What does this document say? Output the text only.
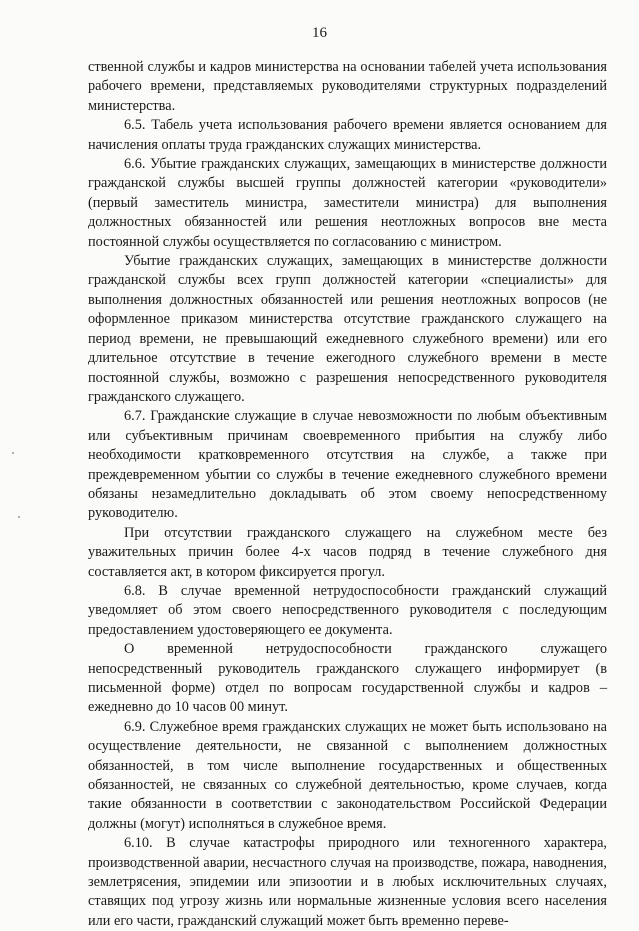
16

ственной службы и кадров министерства на основании табелей учета использования рабочего времени, представляемых руководителями структурных подразделений министерства.

6.5. Табель учета использования рабочего времени является основанием для начисления оплаты труда гражданских служащих министерства.

6.6. Убытие гражданских служащих, замещающих в министерстве должности гражданской службы высшей группы должностей категории «руководители» (первый заместитель министра, заместители министра) для выполнения должностных обязанностей или решения неотложных вопросов вне места постоянной службы осуществляется по согласованию с министром.

Убытие гражданских служащих, замещающих в министерстве должности гражданской службы всех групп должностей категории «специалисты» для выполнения должностных обязанностей или решения неотложных вопросов (не оформленное приказом министерства отсутствие гражданского служащего на период времени, не превышающий ежедневного служебного времени) или его длительное отсутствие в течение ежегодного служебного времени в месте постоянной службы, возможно с разрешения непосредственного руководителя гражданского служащего.

6.7. Гражданские служащие в случае невозможности по любым объективным или субъективным причинам своевременного прибытия на службу либо необходимости кратковременного отсутствия на службе, а также при преждевременном убытии со службы в течение ежедневного служебного времени обязаны незамедлительно докладывать об этом своему непосредственному руководителю.

При отсутствии гражданского служащего на служебном месте без уважительных причин более 4-х часов подряд в течение служебного дня составляется акт, в котором фиксируется прогул.

6.8. В случае временной нетрудоспособности гражданский служащий уведомляет об этом своего непосредственного руководителя с последующим предоставлением удостоверяющего ее документа.

О временной нетрудоспособности гражданского служащего непосредственный руководитель гражданского служащего информирует (в письменной форме) отдел по вопросам государственной службы и кадров – ежедневно до 10 часов 00 минут.

6.9. Служебное время гражданских служащих не может быть использовано на осуществление деятельности, не связанной с выполнением должностных обязанностей, в том числе выполнение государственных и общественных обязанностей, не связанных со служебной деятельностью, кроме случаев, когда такие обязанности в соответствии с законодательством Российской Федерации должны (могут) исполняться в служебное время.

6.10. В случае катастрофы природного или техногенного характера, производственной аварии, несчастного случая на производстве, пожара, наводнения, землетрясения, эпидемии или эпизоотии и в любых исключительных случаях, ставящих под угрозу жизнь или нормальные жизненные условия всего населения или его части, гражданский служащий может быть временно переве-
